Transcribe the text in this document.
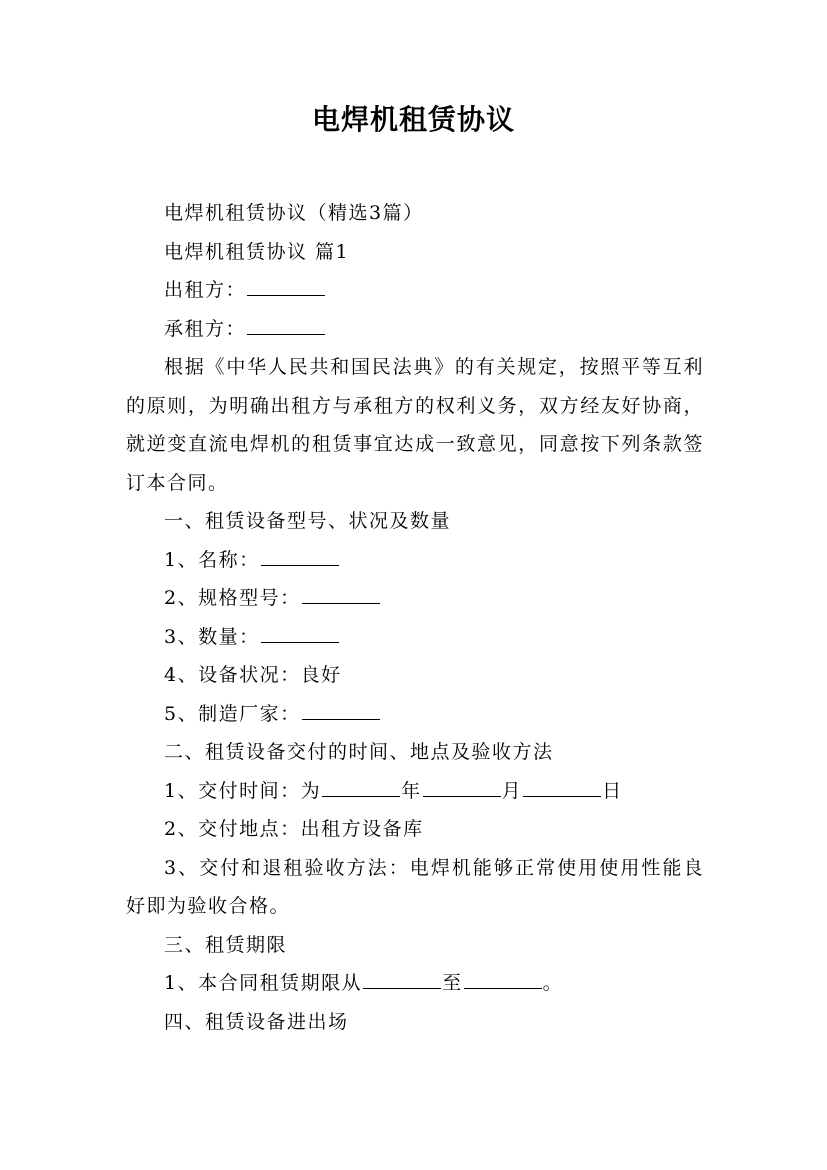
电焊机租赁协议

电焊机租赁协议（精选3篇）

电焊机租赁协议 篇1

出租方：

承租方：

根据《中华人民共和国民法典》的有关规定，按照平等互利的原则，为明确出租方与承租方的权利义务，双方经友好协商，就逆变直流电焊机的租赁事宜达成一致意见，同意按下列条款签订本合同。

一、租赁设备型号、状况及数量

1、名称：

2、规格型号：

3、数量：

4、设备状况：良好

5、制造厂家：

二、租赁设备交付的时间、地点及验收方法

1、交付时间：为	年	月	日

2、交付地点：出租方设备库

3、交付和退租验收方法：电焊机能够正常使用使用性能良好即为验收合格。

三、租赁期限

1、本合同租赁期限从	至	。

四、租赁设备进出场
